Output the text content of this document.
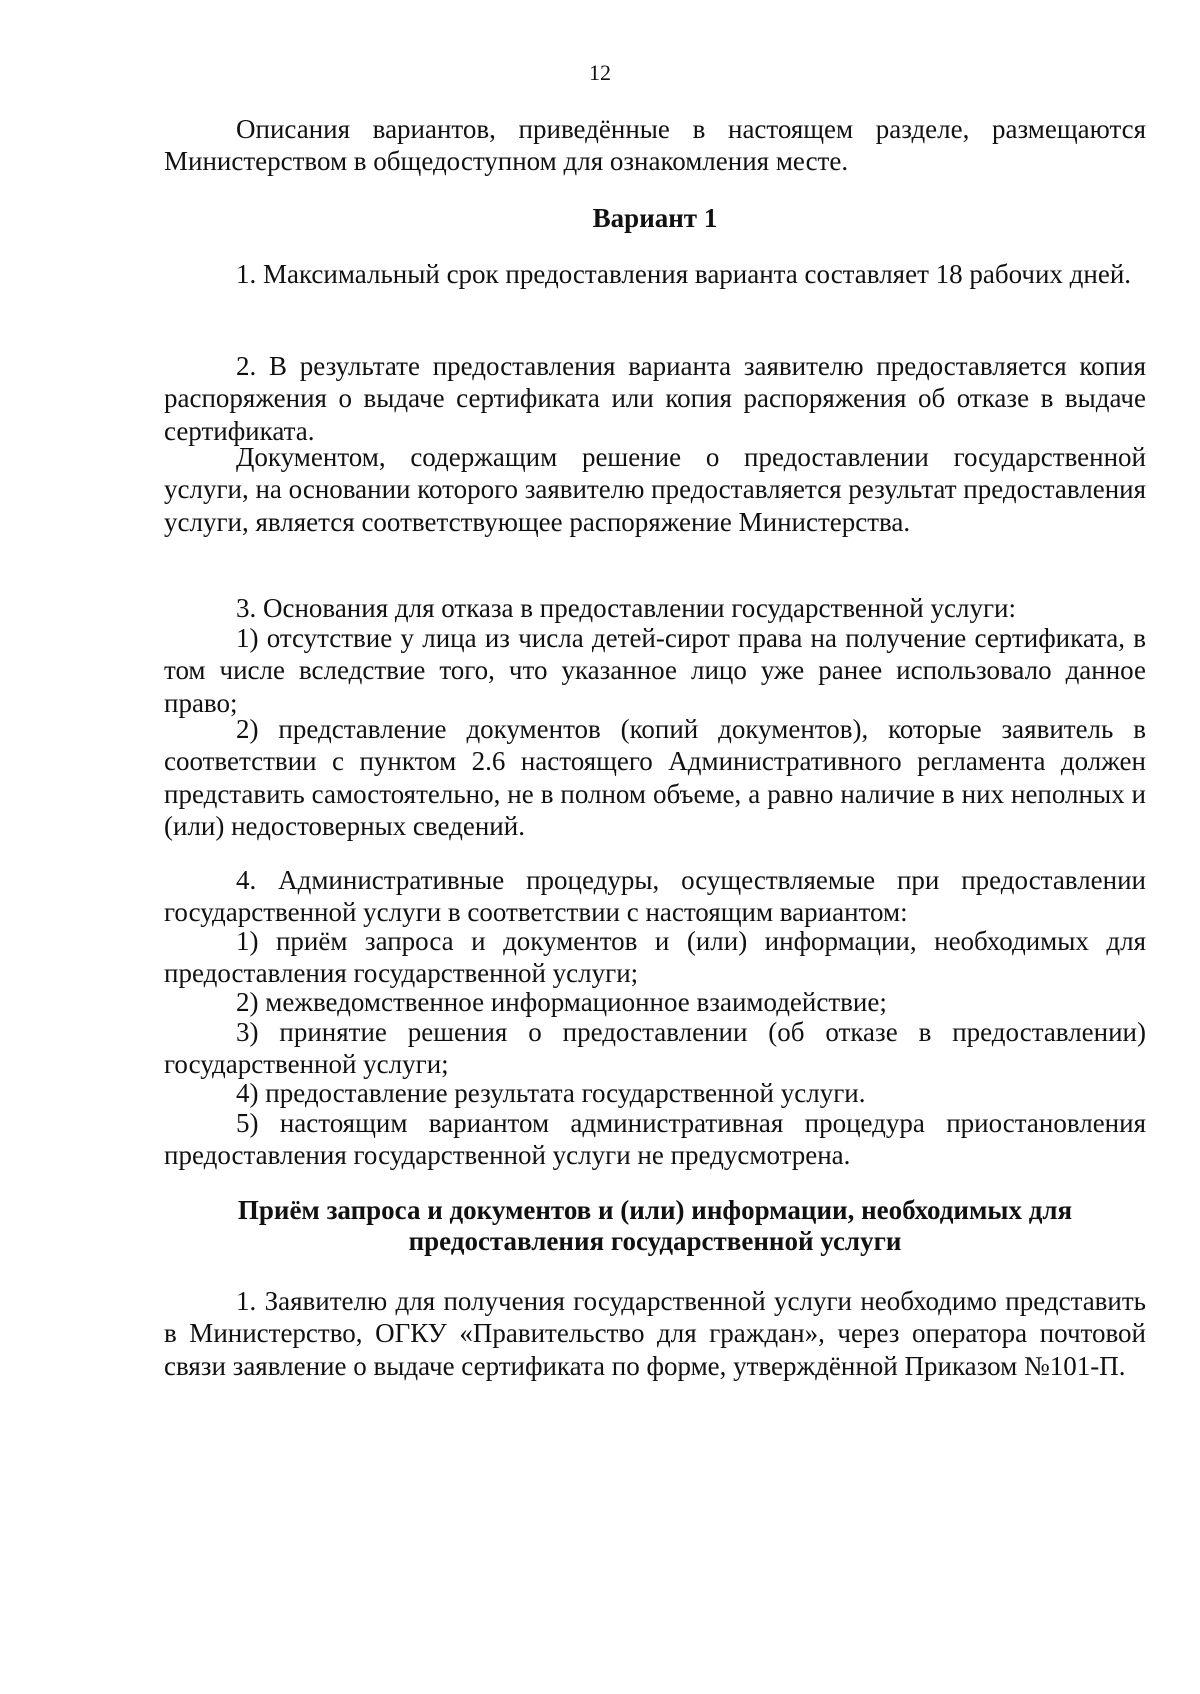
12

Описания вариантов, приведённые в настоящем разделе, размещаются Министерством в общедоступном для ознакомления месте.

Вариант 1

1. Максимальный срок предоставления варианта составляет 18 рабочих дней.

2. В результате предоставления варианта заявителю предоставляется копия распоряжения о выдаче сертификата или копия распоряжения об отказе в выдаче сертификата.

Документом, содержащим решение о предоставлении государственной услуги, на основании которого заявителю предоставляется результат предоставления услуги, является соответствующее распоряжение Министерства.

3. Основания для отказа в предоставлении государственной услуги:

1) отсутствие у лица из числа детей-сирот права на получение сертификата, в том числе вследствие того, что указанное лицо уже ранее использовало данное право;

2) представление документов (копий документов), которые заявитель в соответствии с пунктом 2.6 настоящего Административного регламента должен представить самостоятельно, не в полном объеме, а равно наличие в них неполных и (или) недостоверных сведений.

4. Административные процедуры, осуществляемые при предоставлении государственной услуги в соответствии с настоящим вариантом:

1) приём запроса и документов и (или) информации, необходимых для предоставления государственной услуги;

2) межведомственное информационное взаимодействие;

3) принятие решения о предоставлении (об отказе в предоставлении) государственной услуги;

4) предоставление результата государственной услуги.

5) настоящим вариантом административная процедура приостановления предоставления государственной услуги не предусмотрена.

Приём запроса и документов и (или) информации, необходимых для
предоставления государственной услуги

1. Заявителю для получения государственной услуги необходимо представить в Министерство, ОГКУ «Правительство для граждан», через оператора почтовой связи заявление о выдаче сертификата по форме, утверждённой Приказом №101-П.
